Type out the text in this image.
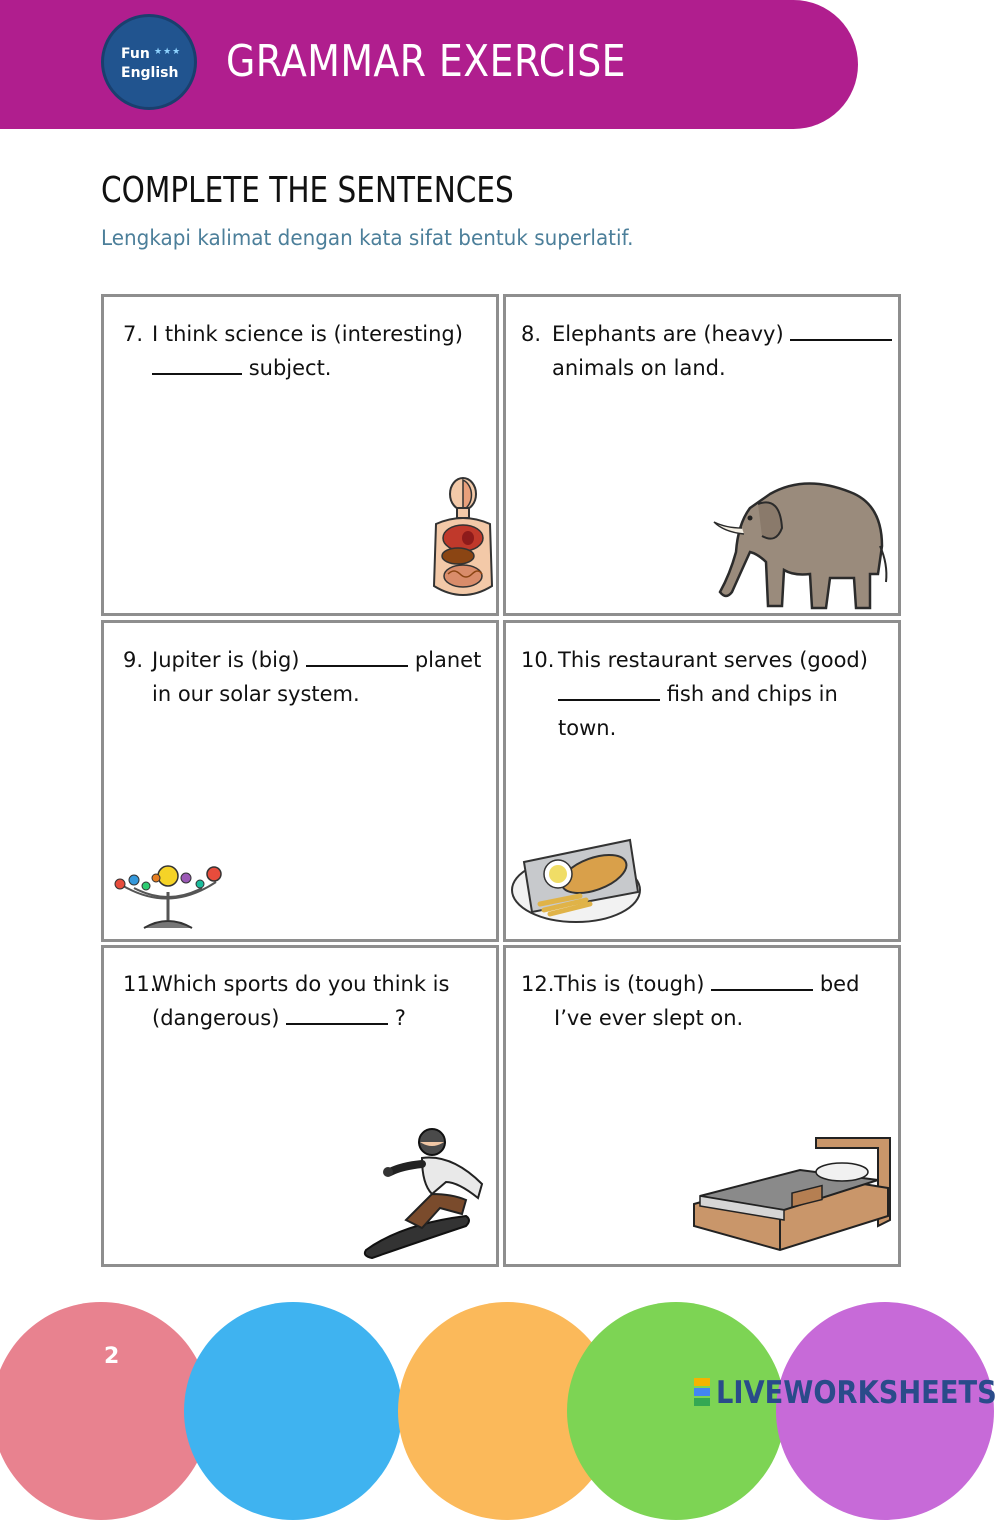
Fun ★★★
English GRAMMAR EXERCISE
COMPLETE THE SENTENCES
Lengkapi kalimat dengan kata sifat bentuk superlatif.
7. I think science is (interesting)
subject.
8. Elephants are (heavy)
animals on land.
9. Jupiter is (big)	planet
in our solar system.
10. This restaurant serves (good)
fish and chips in
town.
11.
Which sports do you think is
(dangerous)	?
12. This is (tough)	bed
I’ve ever slept on.
2
LIVEWORKSHEETS
